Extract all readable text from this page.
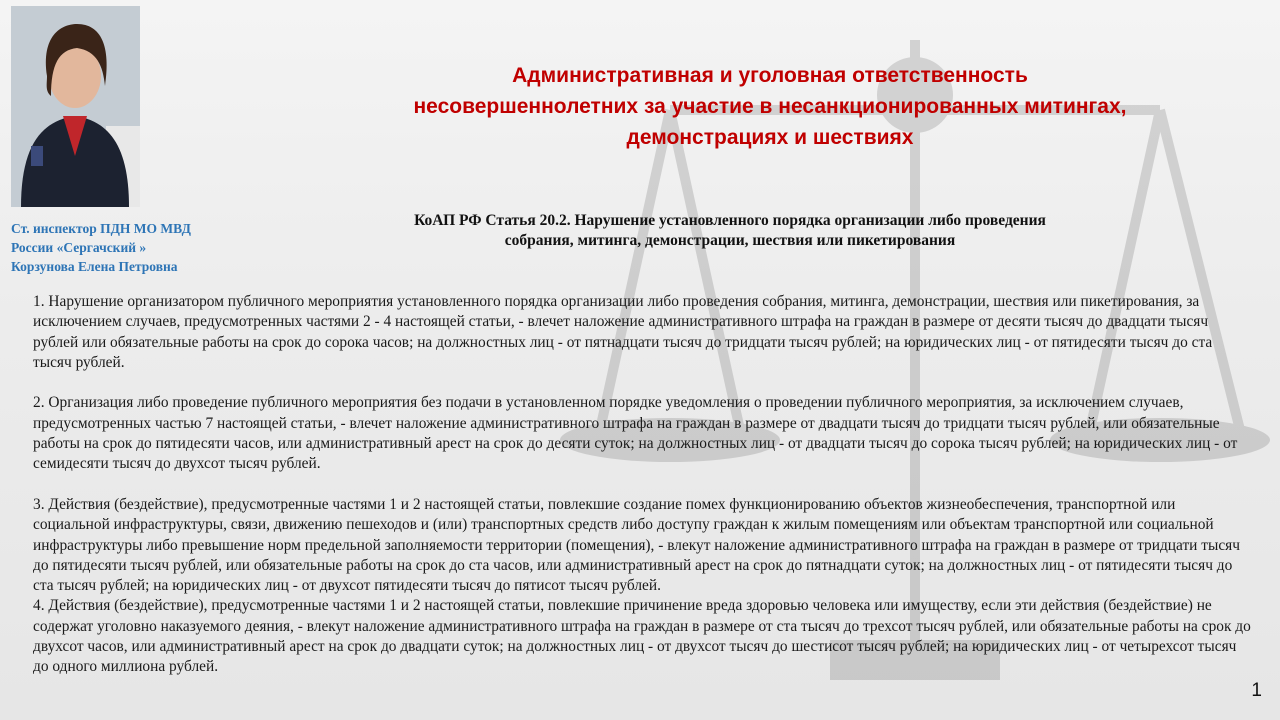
Ст. инспектор ПДН МО МВД
России «Сергачский »
Корзунова Елена Петровна
Административная и уголовная ответственность
несовершеннолетних за участие в несанкционированных митингах,
демонстрациях и шествиях
КоАП РФ Статья 20.2. Нарушение установленного порядка организации либо проведения
собрания, митинга, демонстрации, шествия или пикетирования

1. Нарушение организатором публичного мероприятия установленного порядка организации либо проведения собрания, митинга, демонстрации, шествия или пикетирования, за исключением случаев, предусмотренных частями 2 - 4 настоящей статьи, - влечет наложение административного штрафа на граждан в размере от десяти тысяч до двадцати тысяч рублей или обязательные работы на срок до сорока часов; на должностных лиц - от пятнадцати тысяч до тридцати тысяч рублей; на юридических лиц - от пятидесяти тысяч до ста тысяч рублей.

2. Организация либо проведение публичного мероприятия без подачи в установленном порядке уведомления о проведении публичного мероприятия, за исключением случаев, предусмотренных частью 7 настоящей статьи, - влечет наложение административного штрафа на граждан в размере от двадцати тысяч до тридцати тысяч рублей, или обязательные работы на срок до пятидесяти часов, или административный арест на срок до десяти суток; на должностных лиц - от двадцати тысяч до сорока тысяч рублей; на юридических лиц - от семидесяти тысяч до двухсот тысяч рублей.

3. Действия (бездействие), предусмотренные частями 1 и 2 настоящей статьи, повлекшие создание помех функционированию объектов жизнеобеспечения, транспортной или социальной инфраструктуры, связи, движению пешеходов и (или) транспортных средств либо доступу граждан к жилым помещениям или объектам транспортной или социальной инфраструктуры либо превышение норм предельной заполняемости территории (помещения), - влекут наложение административного штрафа на граждан в размере от тридцати тысяч до пятидесяти тысяч рублей, или обязательные работы на срок до ста часов, или административный арест на срок до пятнадцати суток; на должностных лиц - от пятидесяти тысяч до ста тысяч рублей; на юридических лиц - от двухсот пятидесяти тысяч до пятисот тысяч рублей.

4. Действия (бездействие), предусмотренные частями 1 и 2 настоящей статьи, повлекшие причинение вреда здоровью человека или имуществу, если эти действия (бездействие) не содержат уголовно наказуемого деяния, - влекут наложение административного штрафа на граждан в размере от ста тысяч до трехсот тысяч рублей, или обязательные работы на срок до двухсот часов, или административный арест на срок до двадцати суток; на должностных лиц - от двухсот тысяч до шестисот тысяч рублей; на юридических лиц - от четырехсот тысяч до одного миллиона рублей.

1
